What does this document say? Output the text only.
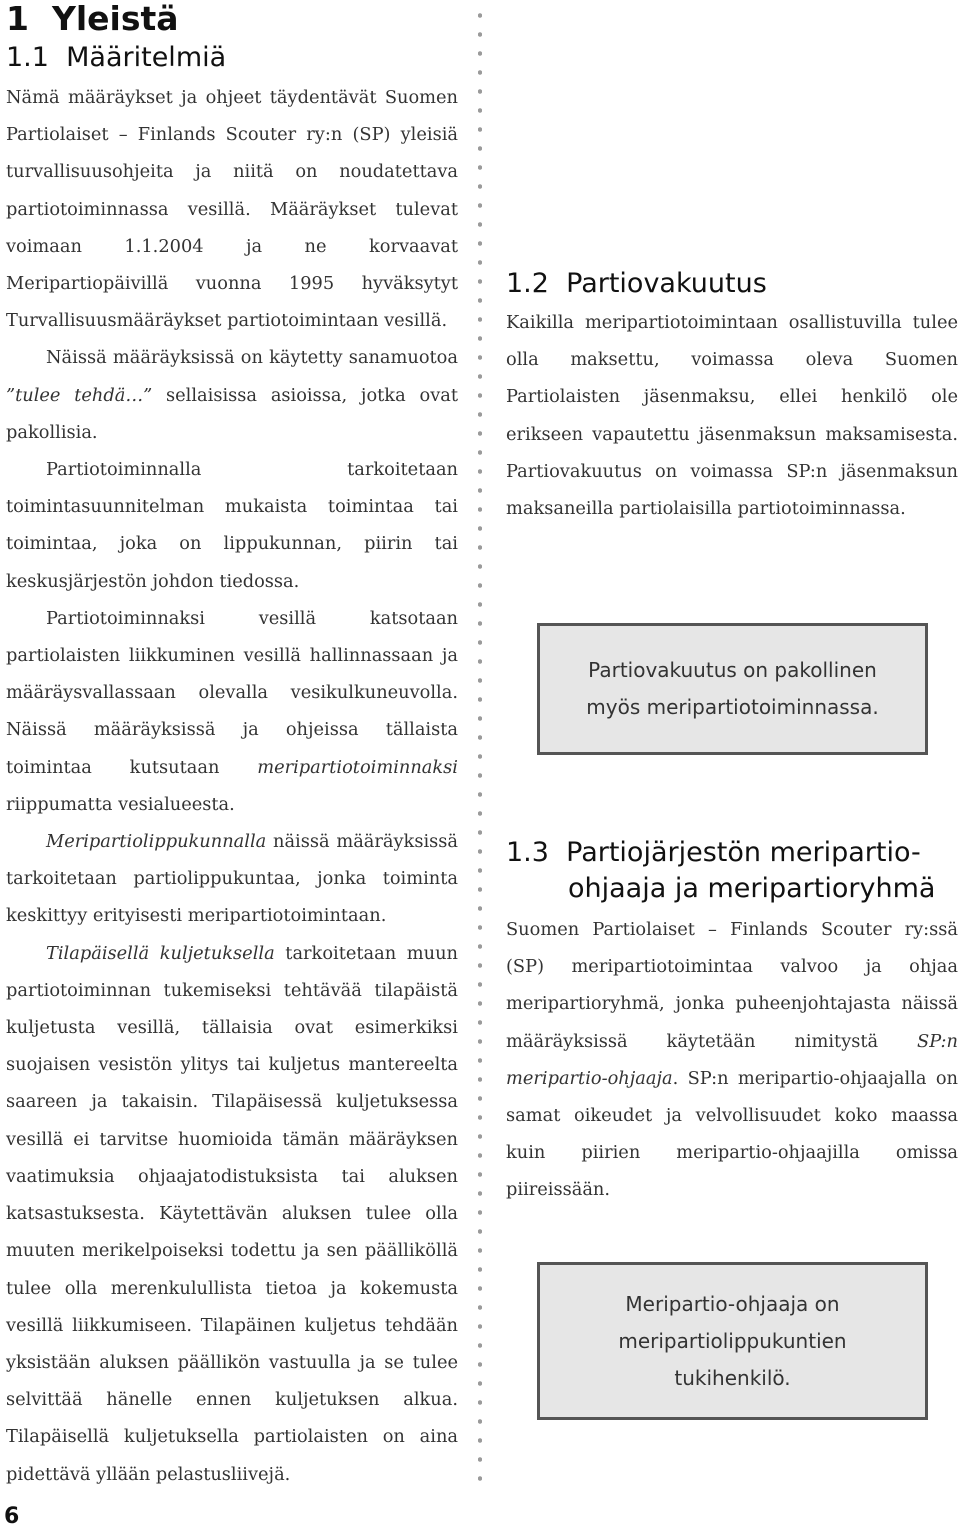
1 Yleistä
1.1 Määritelmiä

Nämä määräykset ja ohjeet täydentävät Suomen Partiolaiset – Finlands Scouter ry:n (SP) yleisiä turvallisuusohjeita ja niitä on noudatettava partiotoiminnassa vesillä. Määräykset tulevat voimaan 1.1.2004 ja ne korvaavat Meripartiopäivillä vuonna 1995 hyväksytyt Turvallisuusmääräykset partiotoimintaan vesillä.

Näissä määräyksissä on käytetty sanamuotoa ”tulee tehdä…” sellaisissa asioissa, jotka ovat pakollisia.

Partiotoiminnalla tarkoitetaan toimintasuunnitelman mukaista toimintaa tai toimintaa, joka on lippukunnan, piirin tai keskusjärjestön johdon tiedossa.

Partiotoiminnaksi vesillä katsotaan partiolaisten liikkuminen vesillä hallinnassaan ja määräysvallassaan olevalla vesikulkuneuvolla. Näissä määräyksissä ja ohjeissa tällaista toimintaa kutsutaan meripartiotoiminnaksi riippumatta vesialueesta.

Meripartiolippukunnalla näissä määräyksissä tarkoitetaan partiolippukuntaa, jonka toiminta keskittyy erityisesti meripartiotoimintaan.

Tilapäisellä kuljetuksella tarkoitetaan muun partiotoiminnan tukemiseksi tehtävää tilapäistä kuljetusta vesillä, tällaisia ovat esimerkiksi suojaisen vesistön ylitys tai kuljetus mantereelta saareen ja takaisin. Tilapäisessä kuljetuksessa vesillä ei tarvitse huomioida tämän määräyksen vaatimuksia ohjaajatodistuksista tai aluksen katsastuksesta. Käytettävän aluksen tulee olla muuten merikelpoiseksi todettu ja sen päälliköllä tulee olla merenkulullista tietoa ja kokemusta vesillä liikkumiseen. Tilapäinen kuljetus tehdään yksistään aluksen päällikön vastuulla ja se tulee selvittää hänelle ennen kuljetuksen alkua. Tilapäisellä kuljetuksella partiolaisten on aina pidettävä yllään pelastusliivejä.

1.2 Partiovakuutus

Kaikilla meripartiotoimintaan osallistuvilla tulee olla maksettu, voimassa oleva Suomen Partiolaisten jäsenmaksu, ellei henkilö ole erikseen vapautettu jäsenmaksun maksamisesta. Partiovakuutus on voimassa SP:n jäsenmaksun maksaneilla partiolaisilla partiotoiminnassa.

Partiovakuutus on pakollinen
myös meripartiotoiminnassa.
1.3 Partiojärjestön meripartio-
ohjaaja ja meripartioryhmä

Suomen Partiolaiset – Finlands Scouter ry:ssä (SP) meripartiotoimintaa valvoo ja ohjaa meripartioryhmä, jonka puheenjohtajasta näissä määräyksissä käytetään nimitystä SP:n meripartio-ohjaaja. SP:n meripartio-ohjaajalla on samat oikeudet ja velvollisuudet koko maassa kuin piirien meripartio-ohjaajilla omissa piireissään.

Meripartio-ohjaaja on
meripartiolippukuntien
tukihenkilö.
6
